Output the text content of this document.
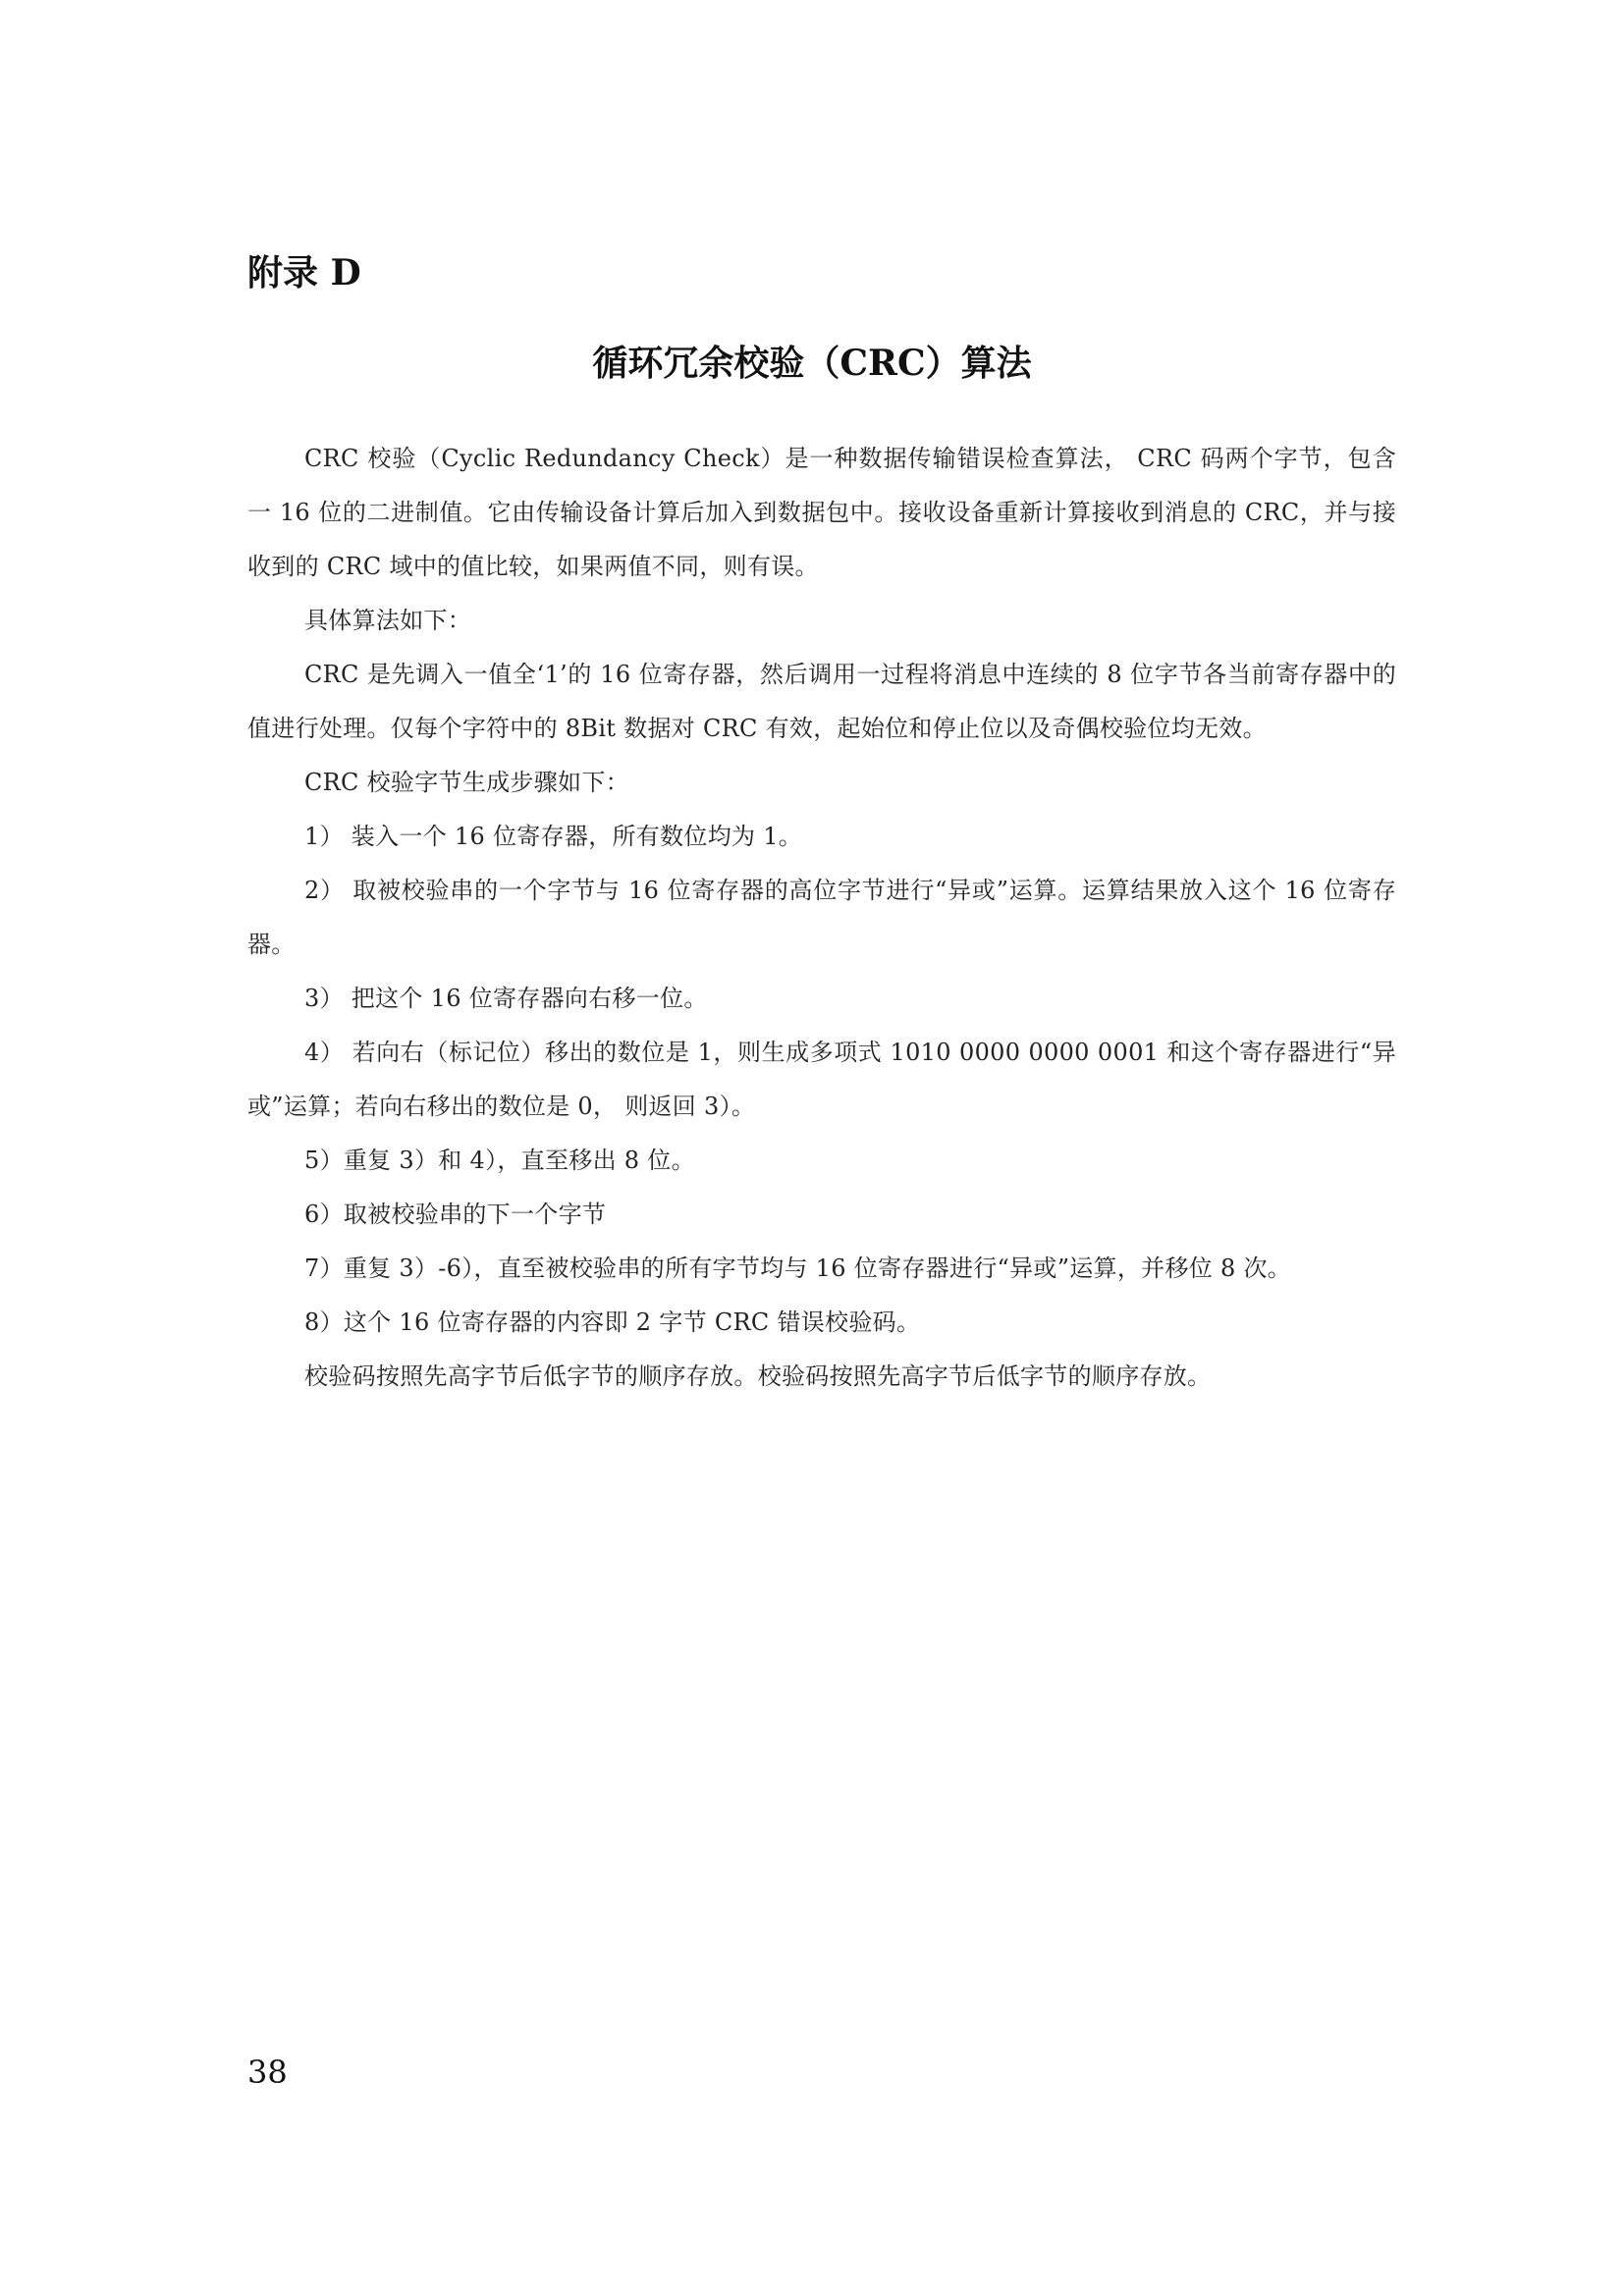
附录 D
循环冗余校验（CRC）算法

CRC 校验（Cyclic Redundancy Check）是一种数据传输错误检查算法， CRC 码两个字节，包含一 16 位的二进制值。它由传输设备计算后加入到数据包中。接收设备重新计算接收到消息的 CRC，并与接收到的 CRC 域中的值比较，如果两值不同，则有误。

具体算法如下：

CRC 是先调入一值全‘1’的 16 位寄存器，然后调用一过程将消息中连续的 8 位字节各当前寄存器中的值进行处理。仅每个字符中的 8Bit 数据对 CRC 有效，起始位和停止位以及奇偶校验位均无效。

CRC 校验字节生成步骤如下：

1） 装入一个 16 位寄存器，所有数位均为 1。

2） 取被校验串的一个字节与 16 位寄存器的高位字节进行“异或”运算。运算结果放入这个 16 位寄存器。

3） 把这个 16 位寄存器向右移一位。

4） 若向右（标记位）移出的数位是 1，则生成多项式 1010 0000 0000 0001 和这个寄存器进行“异或”运算；若向右移出的数位是 0， 则返回 3）。

5）重复 3）和 4），直至移出 8 位。

6）取被校验串的下一个字节

7）重复 3）-6），直至被校验串的所有字节均与 16 位寄存器进行“异或”运算，并移位 8 次。

8）这个 16 位寄存器的内容即 2 字节 CRC 错误校验码。

校验码按照先高字节后低字节的顺序存放。校验码按照先高字节后低字节的顺序存放。

38
